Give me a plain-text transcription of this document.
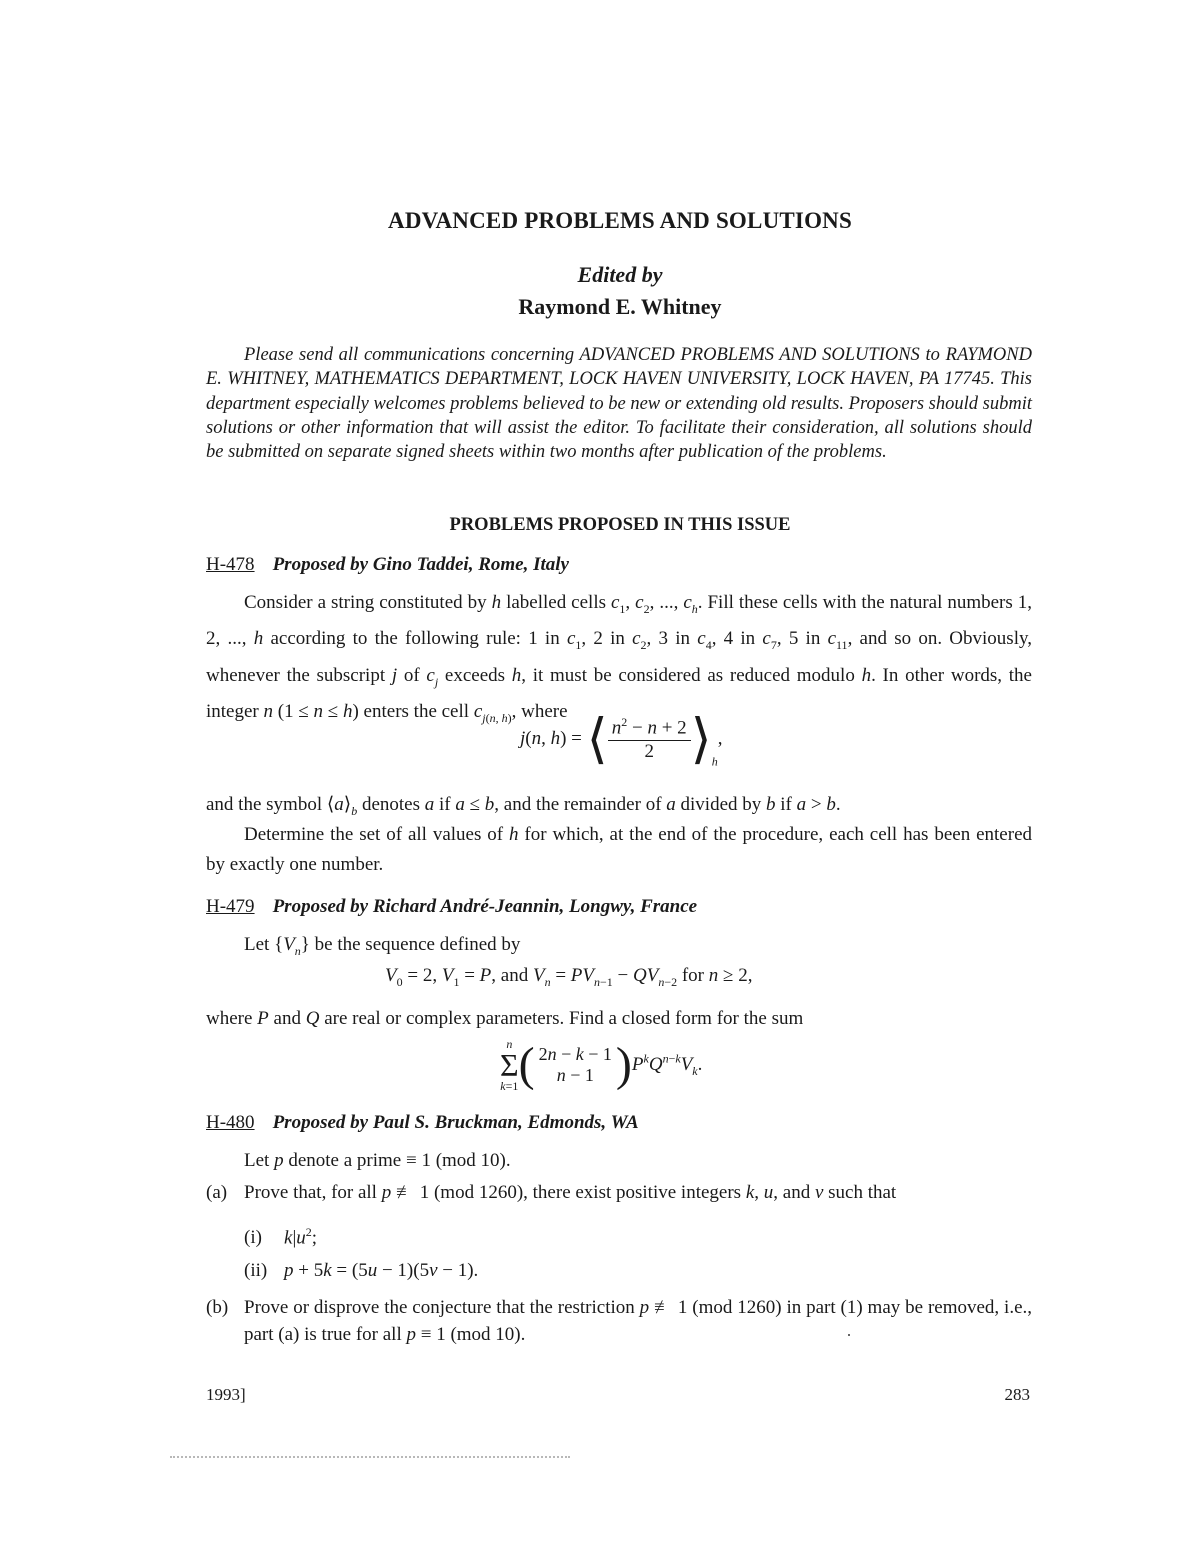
ADVANCED PROBLEMS AND SOLUTIONS
Edited by
Raymond E. Whitney
Please send all communications concerning ADVANCED PROBLEMS AND SOLUTIONS to RAYMOND E. WHITNEY, MATHEMATICS DEPARTMENT, LOCK HAVEN UNIVERSITY, LOCK HAVEN, PA 17745. This department especially welcomes problems believed to be new or extending old results. Proposers should submit solutions or other information that will assist the editor. To facilitate their consideration, all solutions should be submitted on separate signed sheets within two months after publication of the problems.
PROBLEMS PROPOSED IN THIS ISSUE
H-478 Proposed by Gino Taddei, Rome, Italy
Consider a string constituted by h labelled cells $c_1$, $c_2$, ..., $c_h$. Fill these cells with the natural numbers 1, 2, ..., h according to the following rule: 1 in $c_1$, 2 in $c_2$, 3 in $c_4$, 4 in $c_7$, 5 in $c_{11}$, and so on. Obviously, whenever the subscript j of $c_j$ exceeds h, it must be considered as reduced modulo h. In other words, the integer n (1 ≤ n ≤ h) enters the cell $c_{j(n, h)}$, where
j(n, h) = ⟨ $\frac{n^2 - n + 2}{2}$ $⟩_h$,
and the symbol $⟨a⟩_b$ denotes a if a ≤ b, and the remainder of a divided by b if a > b.
Determine the set of all values of h for which, at the end of the procedure, each cell has been entered by exactly one number.
H-479 Proposed by Richard André-Jeannin, Longwy, France
Let $\{V_n\}$ be the sequence defined by
$V_0 = 2$, $V_1 = P$, and $V_n = PV_{n-1} - QV_{n-2}$ for n ≥ 2,
where P and Q are real or complex parameters. Find a closed form for the sum
n
Σ
k=1 ( 2n − k − 1
n − 1 )$P^kQ^{n-k}V_k$.
H-480 Proposed by Paul S. Bruckman, Edmonds, WA
Let p denote a prime ≡ 1 (mod 10).
(a) Prove that, for all p ≢ 1 (mod 1260), there exist positive integers k, u, and v such that
(i) $k|u^2$;
(ii) p + 5k = (5u − 1)(5v − 1).
(b) Prove or disprove the conjecture that the restriction p ≢ 1 (mod 1260) in part (1) may be removed, i.e., part (a) is true for all p ≡ 1 (mod 10).
1993]	283
